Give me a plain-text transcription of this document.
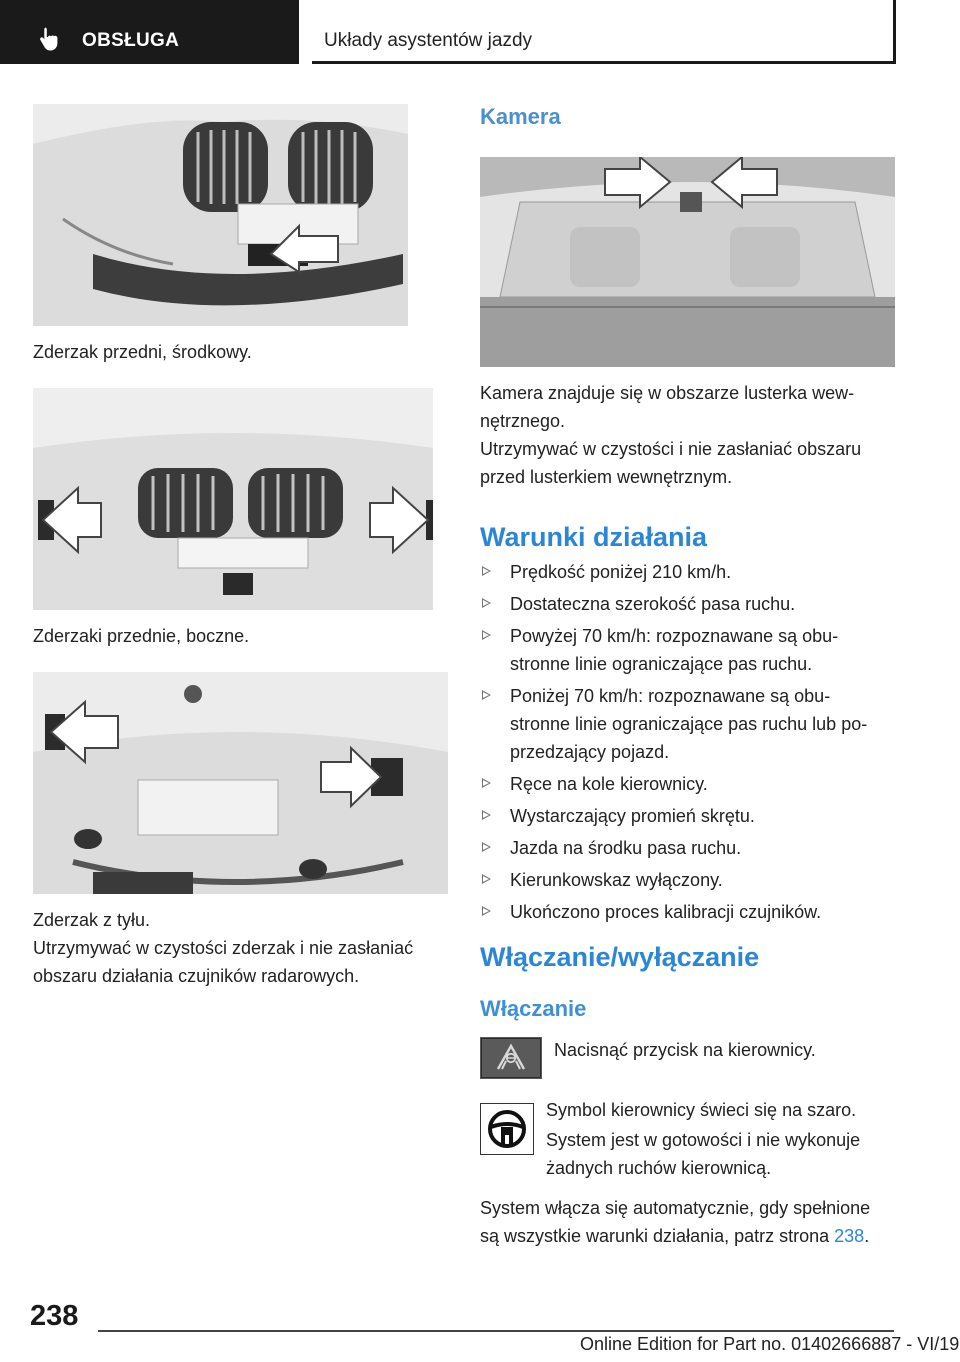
OBSŁUGA	Układy asystentów jazdy
Zderzak przedni, środkowy.
Zderzaki przednie, boczne.
Zderzak z tyłu.
Utrzymywać w czystości zderzak i nie zasłaniać
obszaru działania czujników radarowych.
Kamera
Kamera znajduje się w obszarze lusterka wew‐
nętrznego.
Utrzymywać w czystości i nie zasłaniać obszaru
przed lusterkiem wewnętrznym.
Warunki działania
Prędkość poniżej 210 km/h.
Dostateczna szerokość pasa ruchu.
Powyżej 70 km/h: rozpoznawane są obu‐
stronne linie ograniczające pas ruchu.
Poniżej 70 km/h: rozpoznawane są obu‐
stronne linie ograniczające pas ruchu lub po‐
przedzający pojazd.
Ręce na kole kierownicy.
Wystarczający promień skrętu.
Jazda na środku pasa ruchu.
Kierunkowskaz wyłączony.
Ukończono proces kalibracji czujników.
Włączanie/wyłączanie
Włączanie
Nacisnąć przycisk na kierownicy.
Symbol kierownicy świeci się na szaro.
System jest w gotowości i nie wykonuje
żadnych ruchów kierownicą.
System włącza się automatycznie, gdy spełnione
są wszystkie warunki działania, patrz strona 238.
238
Online Edition for Part no. 01402666887 - VI/19
